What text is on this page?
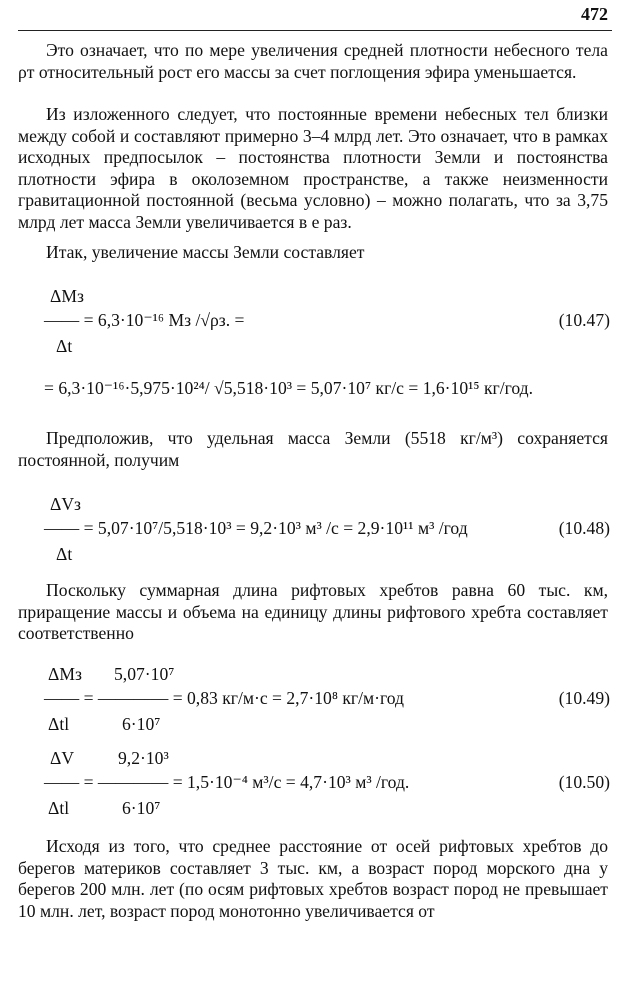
472

Это означает, что по мере увеличения средней плотности небесного тела ρт относительный рост его массы за счет поглощения эфира уменьшается.

Из изложенного следует, что постоянные времени небесных тел близки между собой и составляют примерно 3–4 млрд лет. Это означает, что в рамках исходных предпосылок – постоянства плотности Земли и постоянства плотности эфира в околоземном пространстве, а также неизменности гравитационной постоянной (весьма условно) – можно полагать, что за 3,75 млрд лет масса Земли увеличивается в e раз.

Итак, увеличение массы Земли составляет

ΔMз
—— = 6,3·10⁻¹⁶ Mз /√ρз. =
Δt
(10.47)
= 6,3·10⁻¹⁶·5,975·10²⁴/ √5,518·10³ = 5,07·10⁷ кг/с = 1,6·10¹⁵ кг/год.

Предположив, что удельная масса Земли (5518 кг/м³) сохраняется постоянной, получим

ΔVз
—— = 5,07·10⁷/5,518·10³ = 9,2·10³ м³ /с = 2,9·10¹¹ м³ /год
Δt
(10.48)

Поскольку суммарная длина рифтовых хребтов равна 60 тыс. км, приращение массы и объема на единицу длины рифтового хребта составляет соответственно

ΔMз 5,07·10⁷
—— = ———— = 0,83 кг/м·с = 2,7·10⁸ кг/м·год
Δtl	6·10⁷
(10.49)
ΔV 9,2·10³
—— = ———— = 1,5·10⁻⁴ м³/с = 4,7·10³ м³ /год.
Δtl	6·10⁷
(10.50)

Исходя из того, что среднее расстояние от осей рифтовых хребтов до берегов материков составляет 3 тыс. км, а возраст пород морского дна у берегов 200 млн. лет (по осям рифтовых хребтов возраст пород не превышает 10 млн. лет, возраст пород монотонно увеличивается от
